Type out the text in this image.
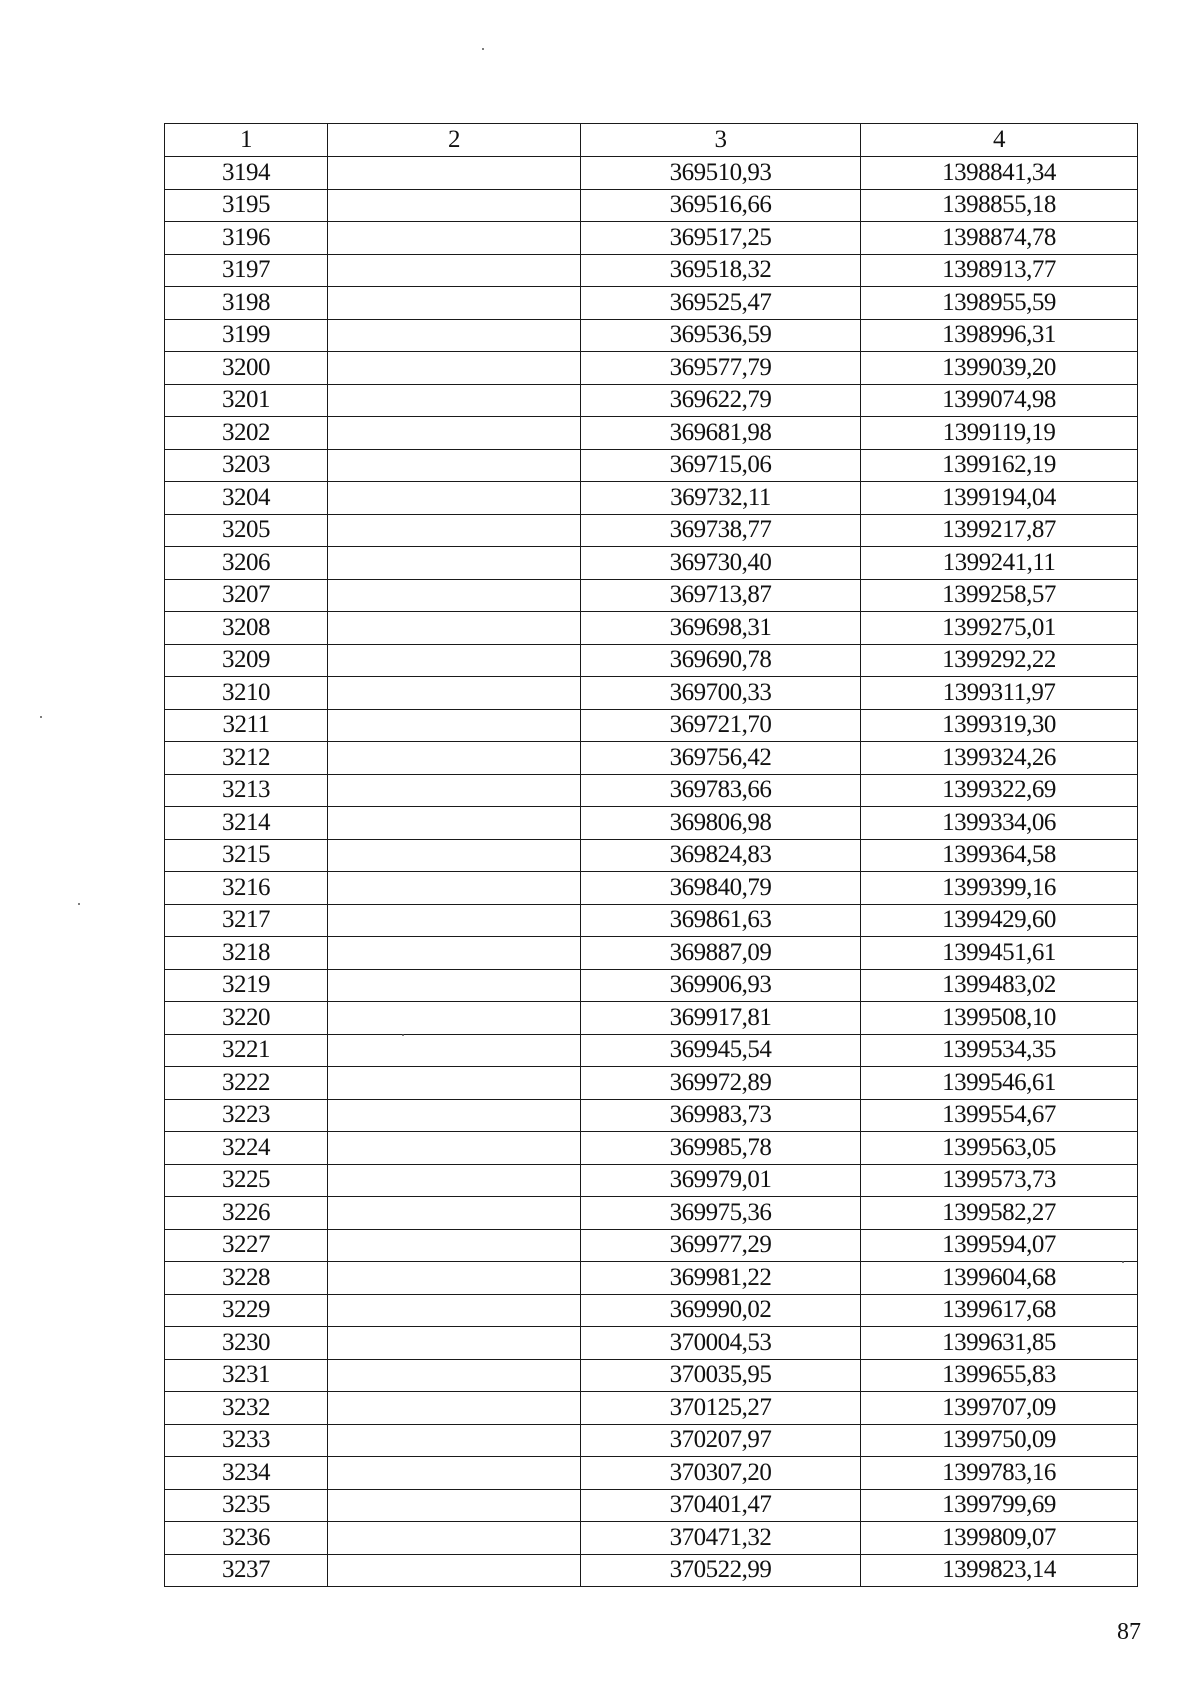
1	2	3	4
3194		369510,93	1398841,34
3195		369516,66	1398855,18
3196		369517,25	1398874,78
3197		369518,32	1398913,77
3198		369525,47	1398955,59
3199		369536,59	1398996,31
3200		369577,79	1399039,20
3201		369622,79	1399074,98
3202		369681,98	1399119,19
3203		369715,06	1399162,19
3204		369732,11	1399194,04
3205		369738,77	1399217,87
3206		369730,40	1399241,11
3207		369713,87	1399258,57
3208		369698,31	1399275,01
3209		369690,78	1399292,22
3210		369700,33	1399311,97
3211		369721,70	1399319,30
3212		369756,42	1399324,26
3213		369783,66	1399322,69
3214		369806,98	1399334,06
3215		369824,83	1399364,58
3216		369840,79	1399399,16
3217		369861,63	1399429,60
3218		369887,09	1399451,61
3219		369906,93	1399483,02
3220		369917,81	1399508,10
3221		369945,54	1399534,35
3222		369972,89	1399546,61
3223		369983,73	1399554,67
3224		369985,78	1399563,05
3225		369979,01	1399573,73
3226		369975,36	1399582,27
3227		369977,29	1399594,07
3228		369981,22	1399604,68
3229		369990,02	1399617,68
3230		370004,53	1399631,85
3231		370035,95	1399655,83
3232		370125,27	1399707,09
3233		370207,97	1399750,09
3234		370307,20	1399783,16
3235		370401,47	1399799,69
3236		370471,32	1399809,07
3237		370522,99	1399823,14
87
